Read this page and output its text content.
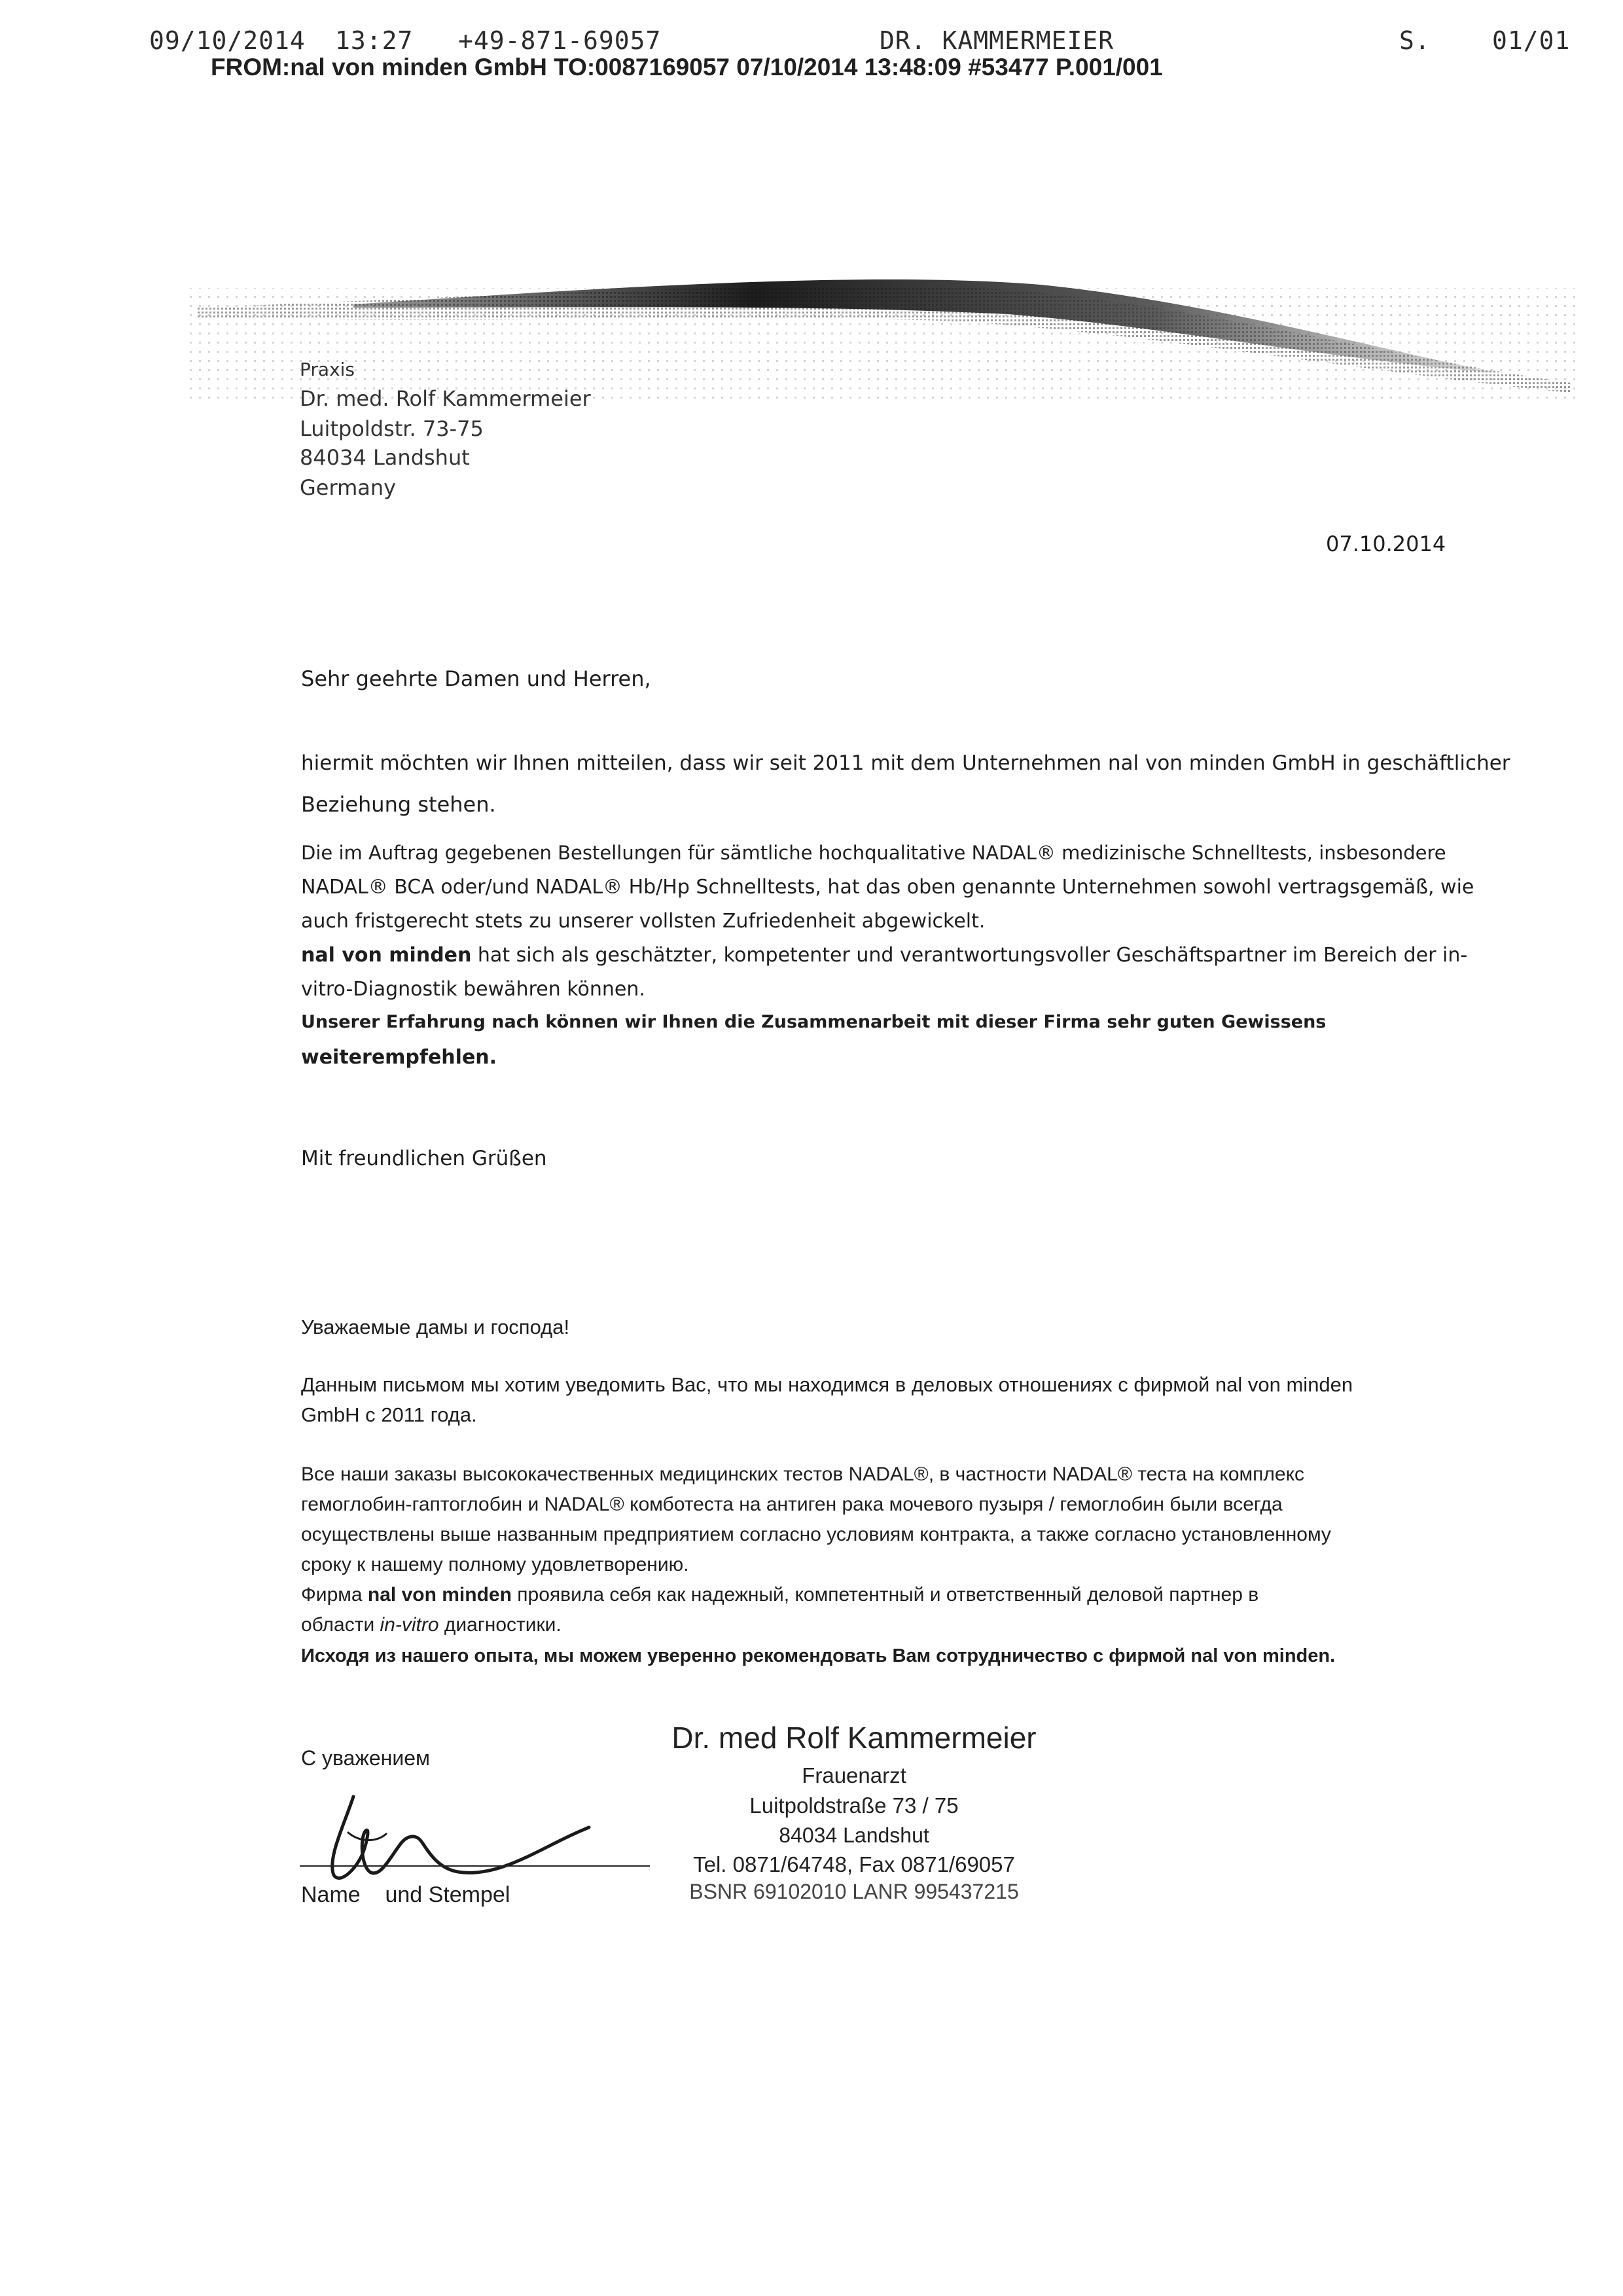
09/10/2014 13:27 +49-871-69057	DR. KAMMERMEIER	S. 01/01
FROM:nal von minden GmbH TO:0087169057 07/10/2014 13:48:09 #53477 P.001/001
Praxis
Dr. med. Rolf Kammermeier
Luitpoldstr. 73-75
84034 Landshut
Germany
07.10.2014
Sehr geehrte Damen und Herren,
hiermit möchten wir Ihnen mitteilen, dass wir seit 2011 mit dem Unternehmen nal von minden GmbH in geschäftlicher
Beziehung stehen.
Die im Auftrag gegebenen Bestellungen für sämtliche hochqualitative NADAL® medizinische Schnelltests, insbesondere
NADAL® BCA oder/und NADAL® Hb/Hp Schnelltests, hat das oben genannte Unternehmen sowohl vertragsgemäß, wie
auch fristgerecht stets zu unserer vollsten Zufriedenheit abgewickelt.
nal von minden hat sich als geschätzter, kompetenter und verantwortungsvoller Geschäftspartner im Bereich der in-
vitro-Diagnostik bewähren können.
Unserer Erfahrung nach können wir Ihnen die Zusammenarbeit mit dieser Firma sehr guten Gewissens
weiterempfehlen.
Mit freundlichen Grüßen
Уважаемые дамы и господа!
Данным письмом мы хотим уведомить Вас, что мы находимся в деловых отношениях с фирмой nal von minden
GmbH с 2011 года.
Все наши заказы высококачественных медицинских тестов NADAL®, в частности NADAL® теста на комплекс
гемоглобин-гаптоглобин и NADAL® комботеста на антиген рака мочевого пузыря / гемоглобин были всегда
осуществлены выше названным предприятием согласно условиям контракта, а также согласно установленному
сроку к нашему полному удовлетворению.
Фирма nal von minden проявила себя как надежный, компетентный и ответственный деловой партнер в
области in-vitro диагностики.
Исходя из нашего опыта, мы можем уверенно рекомендовать Вам сотрудничество с фирмой nal von minden.
С уважением
Name    und Stempel
Dr. med Rolf Kammermeier
Frauenarzt
Luitpoldstraße 73 / 75
84034 Landshut
Tel. 0871/64748, Fax 0871/69057
BSNR 69102010 LANR 995437215
